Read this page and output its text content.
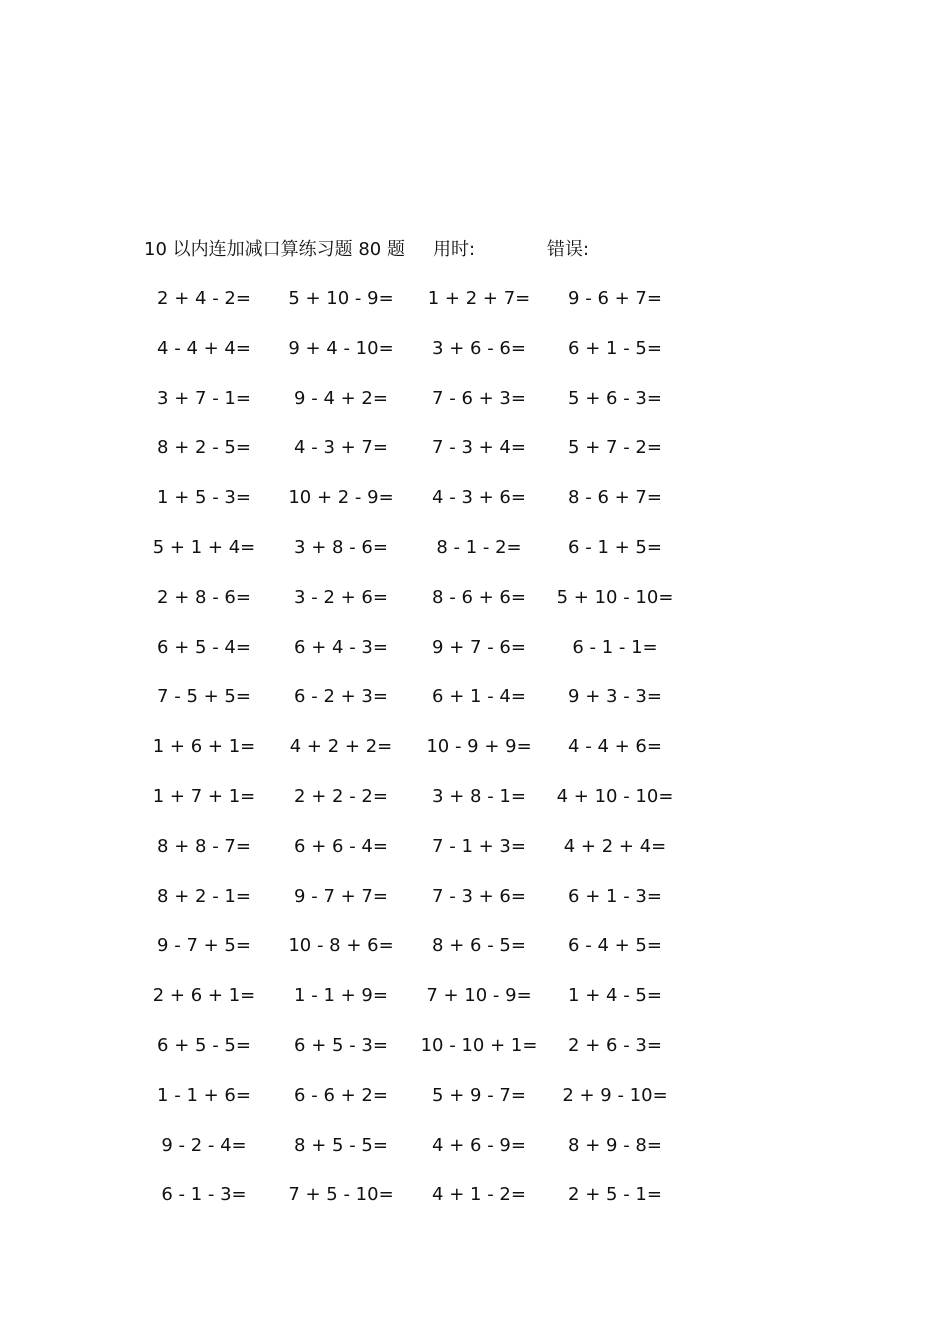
10 以内连加减口算练习题 80 题 用时:	错误:
2 + 4 - 2=	5 + 10 - 9=	1 + 2 + 7=	9 - 6 + 7=
4 - 4 + 4=	9 + 4 - 10=	3 + 6 - 6=	6 + 1 - 5=
3 + 7 - 1=	9 - 4 + 2=	7 - 6 + 3=	5 + 6 - 3=
8 + 2 - 5=	4 - 3 + 7=	7 - 3 + 4=	5 + 7 - 2=
1 + 5 - 3=	10 + 2 - 9=	4 - 3 + 6=	8 - 6 + 7=
5 + 1 + 4=	3 + 8 - 6=	8 - 1 - 2=	6 - 1 + 5=
2 + 8 - 6=	3 - 2 + 6=	8 - 6 + 6=	5 + 10 - 10=
6 + 5 - 4=	6 + 4 - 3=	9 + 7 - 6=	6 - 1 - 1=
7 - 5 + 5=	6 - 2 + 3=	6 + 1 - 4=	9 + 3 - 3=
1 + 6 + 1=	4 + 2 + 2=	10 - 9 + 9=	4 - 4 + 6=
1 + 7 + 1=	2 + 2 - 2=	3 + 8 - 1=	4 + 10 - 10=
8 + 8 - 7=	6 + 6 - 4=	7 - 1 + 3=	4 + 2 + 4=
8 + 2 - 1=	9 - 7 + 7=	7 - 3 + 6=	6 + 1 - 3=
9 - 7 + 5=	10 - 8 + 6=	8 + 6 - 5=	6 - 4 + 5=
2 + 6 + 1=	1 - 1 + 9=	7 + 10 - 9=	1 + 4 - 5=
6 + 5 - 5=	6 + 5 - 3=	10 - 10 + 1=	2 + 6 - 3=
1 - 1 + 6=	6 - 6 + 2=	5 + 9 - 7=	2 + 9 - 10=
9 - 2 - 4=	8 + 5 - 5=	4 + 6 - 9=	8 + 9 - 8=
6 - 1 - 3=	7 + 5 - 10=	4 + 1 - 2=	2 + 5 - 1=
